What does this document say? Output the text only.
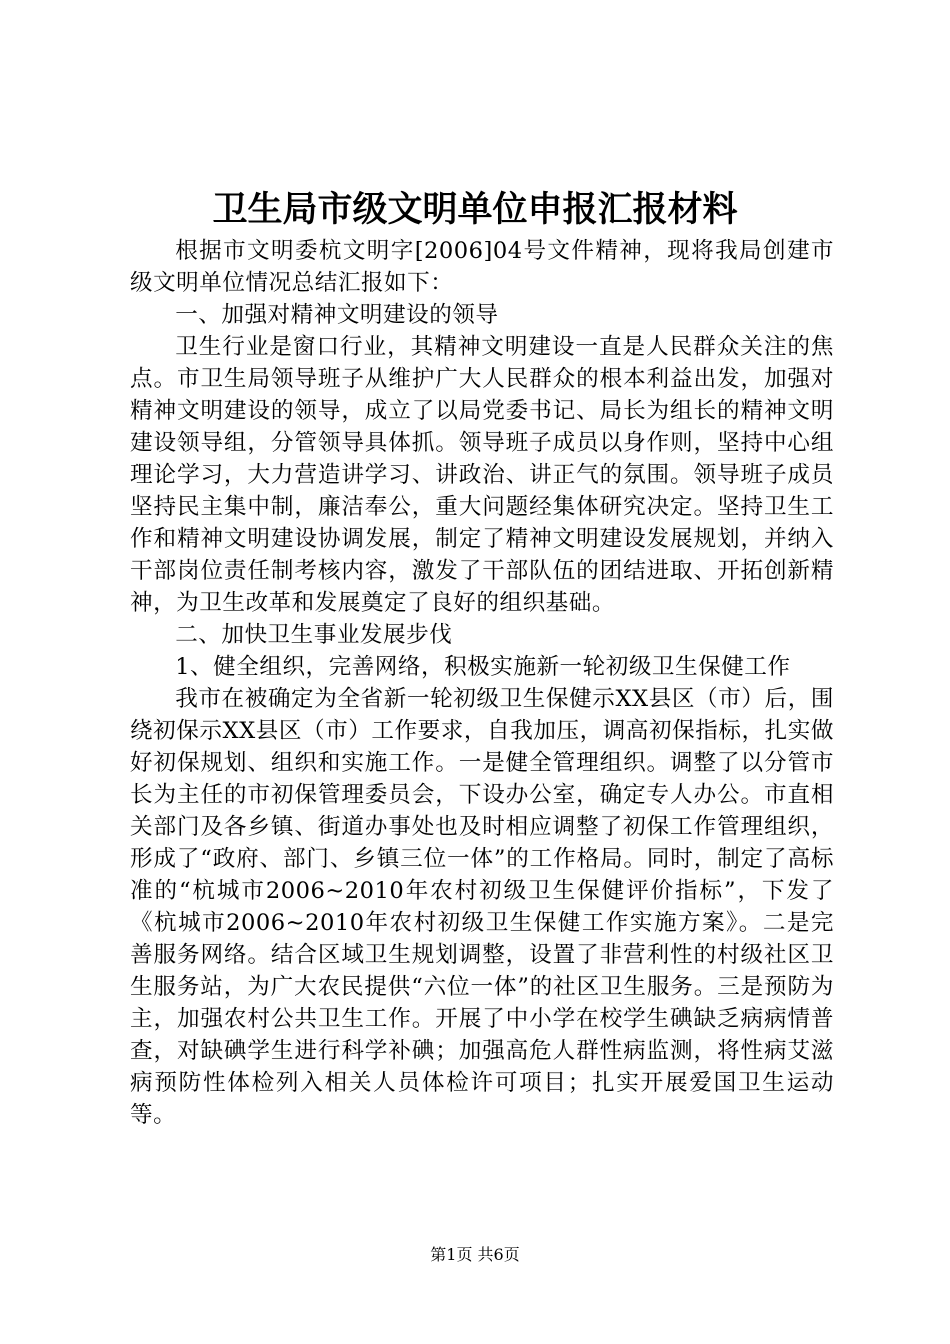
卫生局市级文明单位申报汇报材料

根据市文明委杭文明字[2006]04号文件精神，现将我局创建市级文明单位情况总结汇报如下：

一、加强对精神文明建设的领导

卫生行业是窗口行业，其精神文明建设一直是人民群众关注的焦点。市卫生局领导班子从维护广大人民群众的根本利益出发，加强对精神文明建设的领导，成立了以局党委书记、局长为组长的精神文明建设领导组，分管领导具体抓。领导班子成员以身作则，坚持中心组理论学习，大力营造讲学习、讲政治、讲正气的氛围。领导班子成员坚持民主集中制，廉洁奉公，重大问题经集体研究决定。坚持卫生工作和精神文明建设协调发展，制定了精神文明建设发展规划，并纳入干部岗位责任制考核内容，激发了干部队伍的团结进取、开拓创新精神，为卫生改革和发展奠定了良好的组织基础。

二、加快卫生事业发展步伐

1、健全组织，完善网络，积极实施新一轮初级卫生保健工作

我市在被确定为全省新一轮初级卫生保健示XX县区（市）后，围绕初保示XX县区（市）工作要求，自我加压，调高初保指标，扎实做好初保规划、组织和实施工作。一是健全管理组织。调整了以分管市长为主任的市初保管理委员会，下设办公室，确定专人办公。市直相关部门及各乡镇、街道办事处也及时相应调整了初保工作管理组织，形成了“政府、部门、乡镇三位一体”的工作格局。同时，制定了高标准的“杭城市2006~2010年农村初级卫生保健评价指标”，下发了《杭城市2006~2010年农村初级卫生保健工作实施方案》。二是完善服务网络。结合区域卫生规划调整，设置了非营利性的村级社区卫生服务站，为广大农民提供“六位一体”的社区卫生服务。三是预防为主，加强农村公共卫生工作。开展了中小学在校学生碘缺乏病病情普查，对缺碘学生进行科学补碘；加强高危人群性病监测，将性病艾滋病预防性体检列入相关人员体检许可项目；扎实开展爱国卫生运动等。

第1页 共6页
